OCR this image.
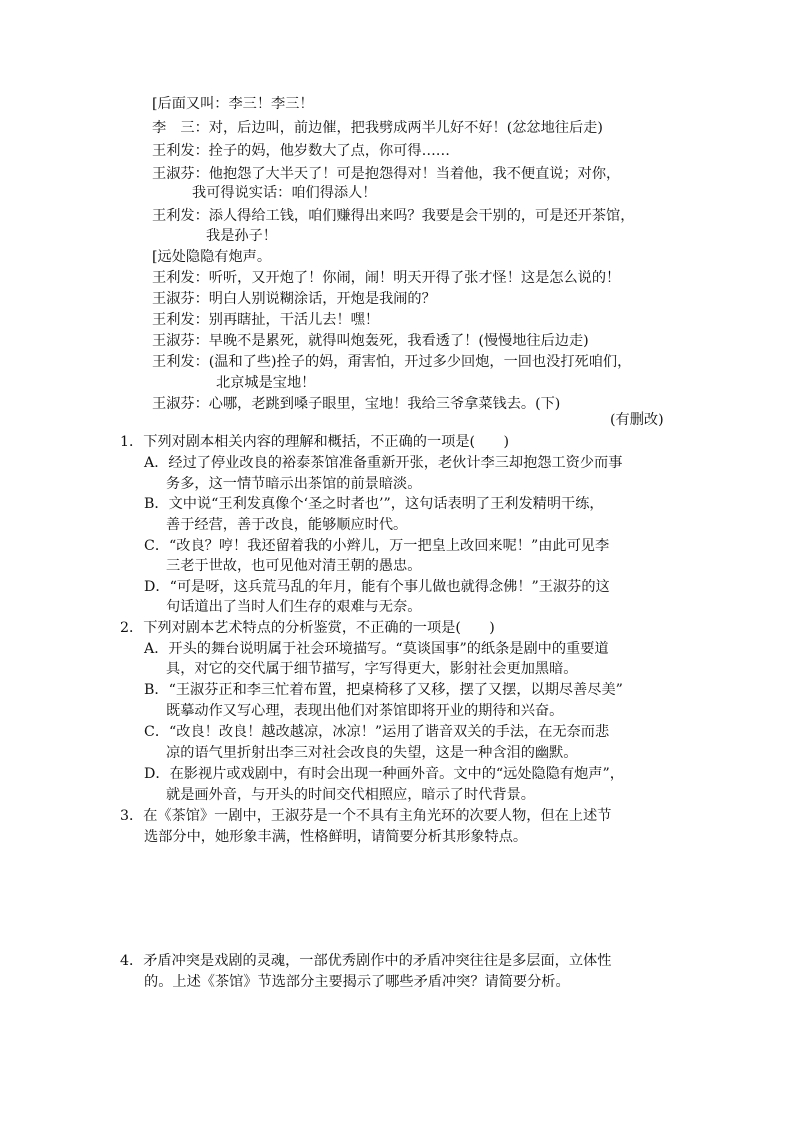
[后面又叫：李三！李三！
李　三：对，后边叫，前边催，把我劈成两半儿好不好！(忿忿地往后走)
王利发：拴子的妈，他岁数大了点，你可得……
王淑芬：他抱怨了大半天了！可是抱怨得对！当着他，我不便直说；对你，
我可得说实话：咱们得添人！
王利发：添人得给工钱，咱们赚得出来吗？我要是会干别的，可是还开茶馆，
我是孙子！
[远处隐隐有炮声。
王利发：听听，又开炮了！你闹，闹！明天开得了张才怪！这是怎么说的！
王淑芬：明白人别说糊涂话，开炮是我闹的？
王利发：别再瞎扯，干活儿去！嘿！
王淑芬：早晚不是累死，就得叫炮轰死，我看透了！(慢慢地往后边走)
王利发：(温和了些)拴子的妈，甭害怕，开过多少回炮，一回也没打死咱们，
北京城是宝地！
王淑芬：心哪，老跳到嗓子眼里，宝地！我给三爷拿菜钱去。(下)
(有删改)
1．下列对剧本相关内容的理解和概括，不正确的一项是(　　)
A．经过了停业改良的裕泰茶馆准备重新开张，老伙计李三却抱怨工资少而事
务多，这一情节暗示出茶馆的前景暗淡。
B．文中说“王利发真像个‘圣之时者也’”，这句话表明了王利发精明干练，
善于经营，善于改良，能够顺应时代。
C．“改良？哼！我还留着我的小辫儿，万一把皇上改回来呢！”由此可见李
三老于世故，也可见他对清王朝的愚忠。
D．“可是呀，这兵荒马乱的年月，能有个事儿做也就得念佛！”王淑芬的这
句话道出了当时人们生存的艰难与无奈。
2．下列对剧本艺术特点的分析鉴赏，不正确的一项是(　　)
A．开头的舞台说明属于社会环境描写。“莫谈国事”的纸条是剧中的重要道
具，对它的交代属于细节描写，字写得更大，影射社会更加黑暗。
B．“王淑芬正和李三忙着布置，把桌椅移了又移，摆了又摆，以期尽善尽美”
既摹动作又写心理，表现出他们对茶馆即将开业的期待和兴奋。
C．“改良！改良！越改越凉，冰凉！”运用了谐音双关的手法，在无奈而悲
凉的语气里折射出李三对社会改良的失望，这是一种含泪的幽默。
D．在影视片或戏剧中，有时会出现一种画外音。文中的“远处隐隐有炮声”，
就是画外音，与开头的时间交代相照应，暗示了时代背景。
3．在《茶馆》一剧中，王淑芬是一个不具有主角光环的次要人物，但在上述节
选部分中，她形象丰满，性格鲜明，请简要分析其形象特点。
4．矛盾冲突是戏剧的灵魂，一部优秀剧作中的矛盾冲突往往是多层面，立体性
的。上述《茶馆》节选部分主要揭示了哪些矛盾冲突？请简要分析。
